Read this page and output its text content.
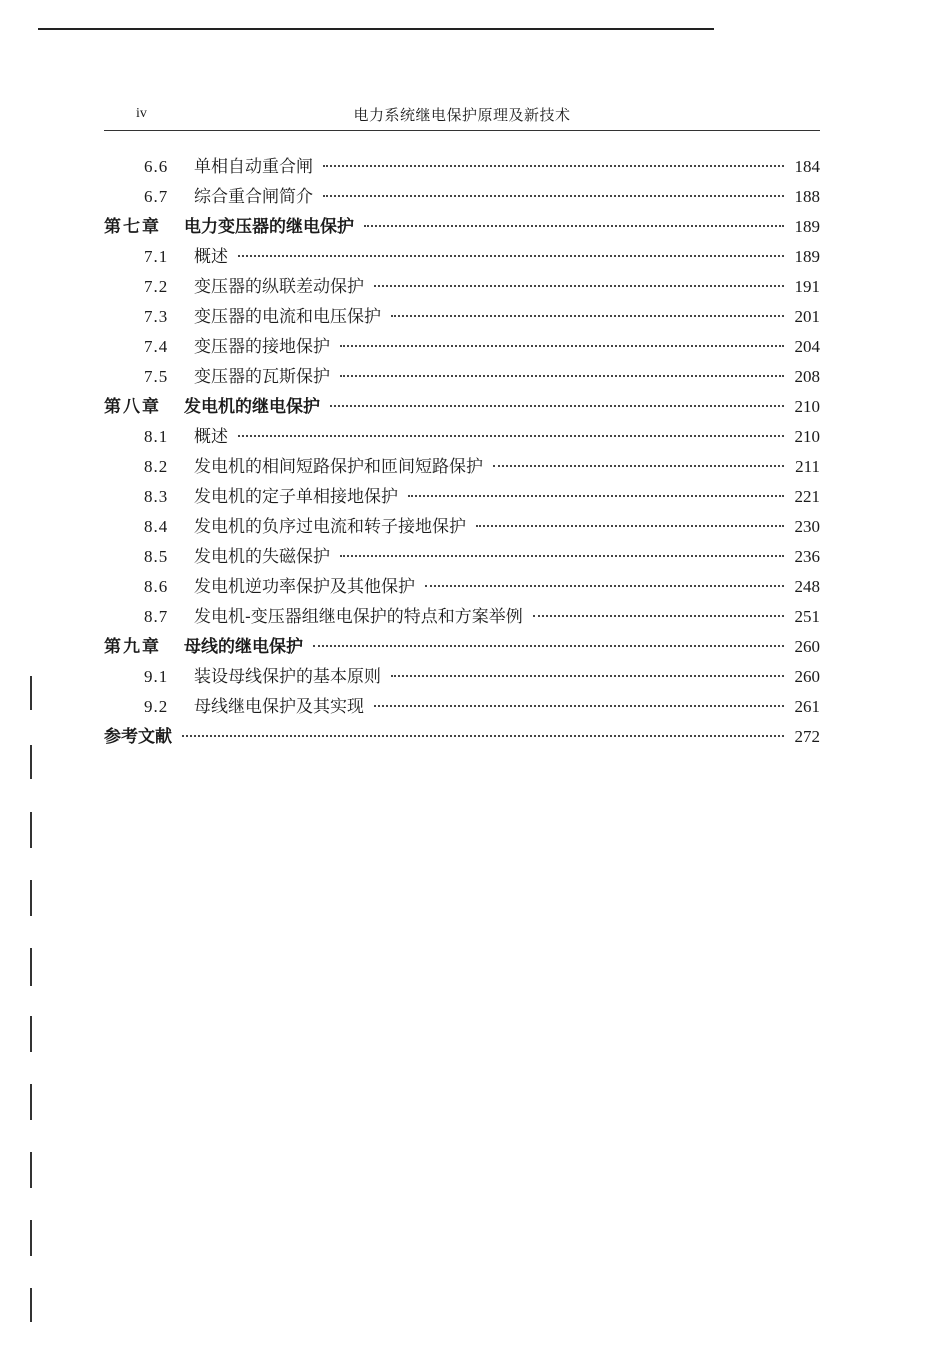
iv	电力系统继电保护原理及新技术
6.6	单相自动重合闸	184
6.7	综合重合闸简介	188
第七章	电力变压器的继电保护	189
7.1	概述	189
7.2	变压器的纵联差动保护	191
7.3	变压器的电流和电压保护	201
7.4	变压器的接地保护	204
7.5	变压器的瓦斯保护	208
第八章	发电机的继电保护	210
8.1	概述	210
8.2	发电机的相间短路保护和匝间短路保护	211
8.3	发电机的定子单相接地保护	221
8.4	发电机的负序过电流和转子接地保护	230
8.5	发电机的失磁保护	236
8.6	发电机逆功率保护及其他保护	248
8.7	发电机-变压器组继电保护的特点和方案举例	251
第九章	母线的继电保护	260
9.1	装设母线保护的基本原则	260
9.2	母线继电保护及其实现	261
参考文献	272
